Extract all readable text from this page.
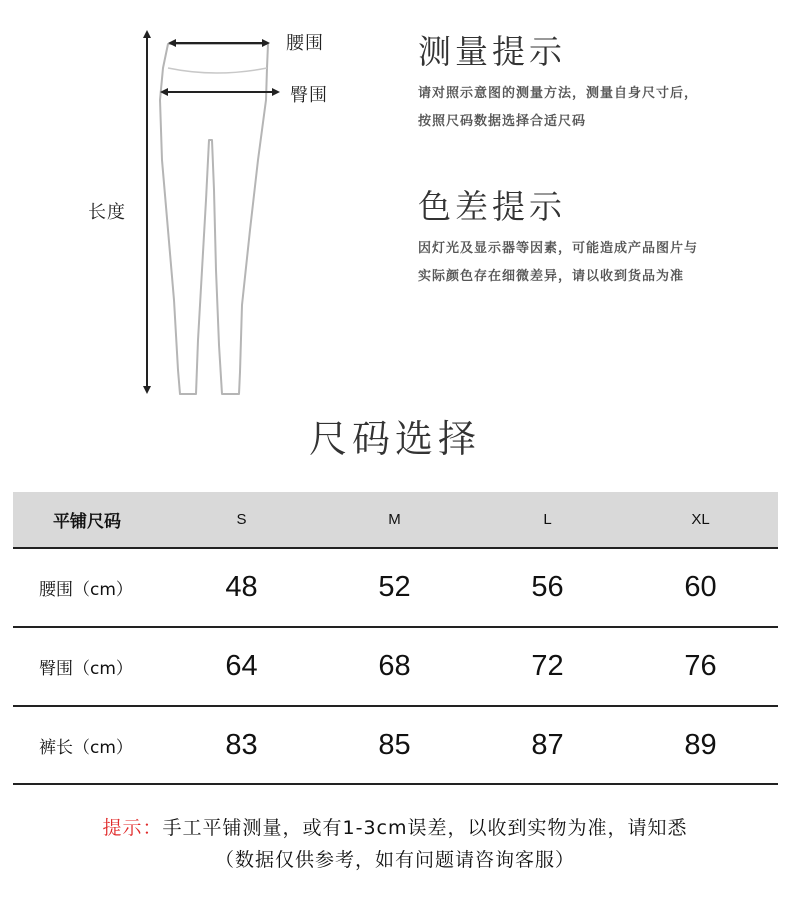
腰围
臀围
长度
测量提示
请对照示意图的测量方法，测量自身尺寸后，
按照尺码数据选择合适尺码
色差提示
因灯光及显示器等因素，可能造成产品图片与
实际颜色存在细微差异，请以收到货品为准
尺码选择
平铺尺码	S	M	L	XL
腰围（cm）	48	52	56	60
臀围（cm）	64	68	72	76
裤长（cm）	83	85	87	89
提示：手工平铺测量，或有1-3cm误差，以收到实物为准，请知悉
（数据仅供参考，如有问题请咨询客服）
